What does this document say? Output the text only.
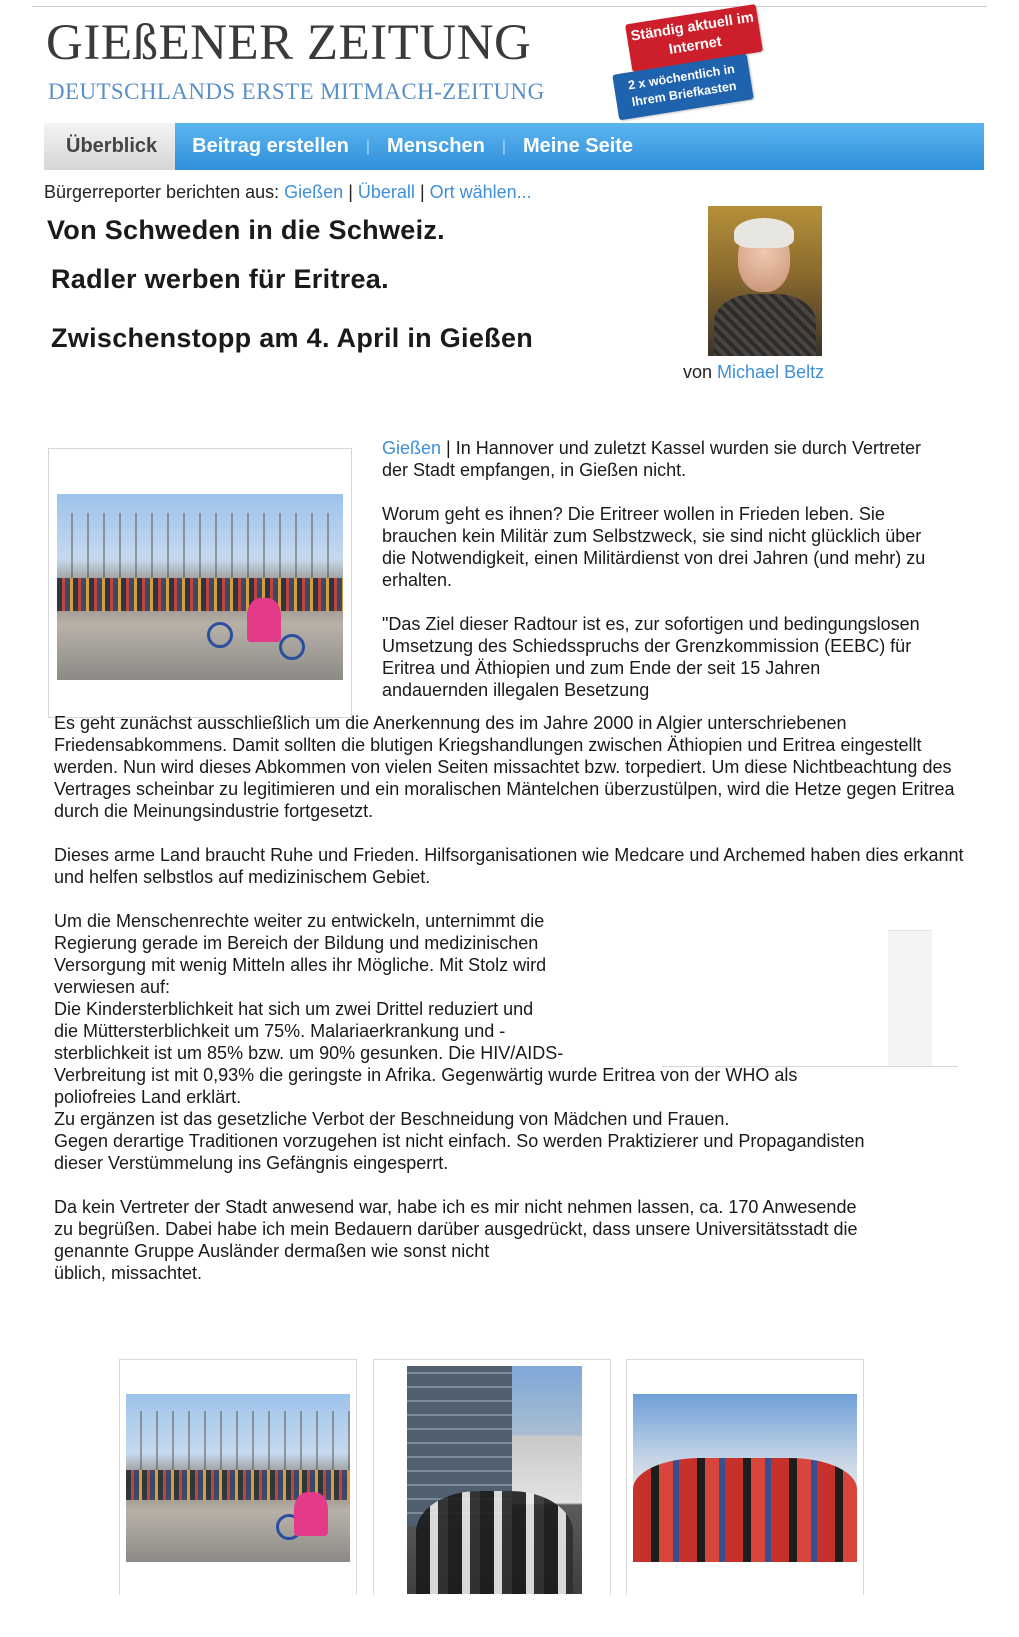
GIEßENER ZEITUNG
DEUTSCHLANDS ERSTE MITMACH-ZEITUNG
Ständig aktuell im Internet
2 x wöchentlich in Ihrem Briefkasten
Überblick	Beitrag erstellen	| Menschen	| Meine Seite
Bürgerreporter berichten aus: Gießen | Überall | Ort wählen...
Von Schweden in die Schweiz.
Radler werben für Eritrea.
Zwischenstopp am 4. April in Gießen
von Michael Beltz

Gießen | In Hannover und zuletzt Kassel wurden sie durch Vertreter der Stadt empfangen, in Gießen nicht.

Worum geht es ihnen? Die Eritreer wollen in Frieden leben. Sie brauchen kein Militär zum Selbstzweck, sie sind nicht glücklich über die Notwendigkeit, einen Militärdienst von drei Jahren (und mehr) zu erhalten.

"Das Ziel dieser Radtour ist es, zur sofortigen und bedingungslosen Umsetzung des Schiedsspruchs der Grenzkommission (EEBC) für Eritrea und Äthiopien und zum Ende der seit 15 Jahren andauernden illegalen Besetzung

Es geht zunächst ausschließlich um die Anerkennung des im Jahre 2000 in Algier unterschriebenen Friedensabkommens. Damit sollten die blutigen Kriegshandlungen zwischen Äthiopien und Eritrea eingestellt werden. Nun wird dieses Abkommen von vielen Seiten missachtet bzw. torpediert. Um diese Nichtbeachtung des Vertrages scheinbar zu legitimieren und ein moralischen Mäntelchen überzustülpen, wird die Hetze gegen Eritrea durch die Meinungsindustrie fortgesetzt.

Dieses arme Land braucht Ruhe und Frieden. Hilfsorganisationen wie Medcare und Archemed haben dies erkannt und helfen selbstlos auf medizinischem Gebiet.

Um die Menschenrechte weiter zu entwickeln, unternimmt die
Regierung gerade im Bereich der Bildung und medizinischen
Versorgung mit wenig Mitteln alles ihr Mögliche. Mit Stolz wird
verwiesen auf:
Die Kindersterblichkeit hat sich um zwei Drittel reduziert und
die Müttersterblichkeit um 75%. Malariaerkrankung und -
sterblichkeit ist um 85% bzw. um 90% gesunken. Die HIV/AIDS-
Verbreitung ist mit 0,93% die geringste in Afrika. Gegenwärtig wurde Eritrea von der WHO als
poliofreies Land erklärt.
Zu ergänzen ist das gesetzliche Verbot der Beschneidung von Mädchen und Frauen.
Gegen derartige Traditionen vorzugehen ist nicht einfach. So werden Praktizierer und Propagandisten
dieser Verstümmelung ins Gefängnis eingesperrt.

Da kein Vertreter der Stadt anwesend war, habe ich es mir nicht nehmen lassen, ca. 170 Anwesende
zu begrüßen. Dabei habe ich mein Bedauern darüber ausgedrückt, dass unsere Universitätsstadt die
genannte Gruppe Ausländer dermaßen wie sonst nicht
üblich, missachtet.
